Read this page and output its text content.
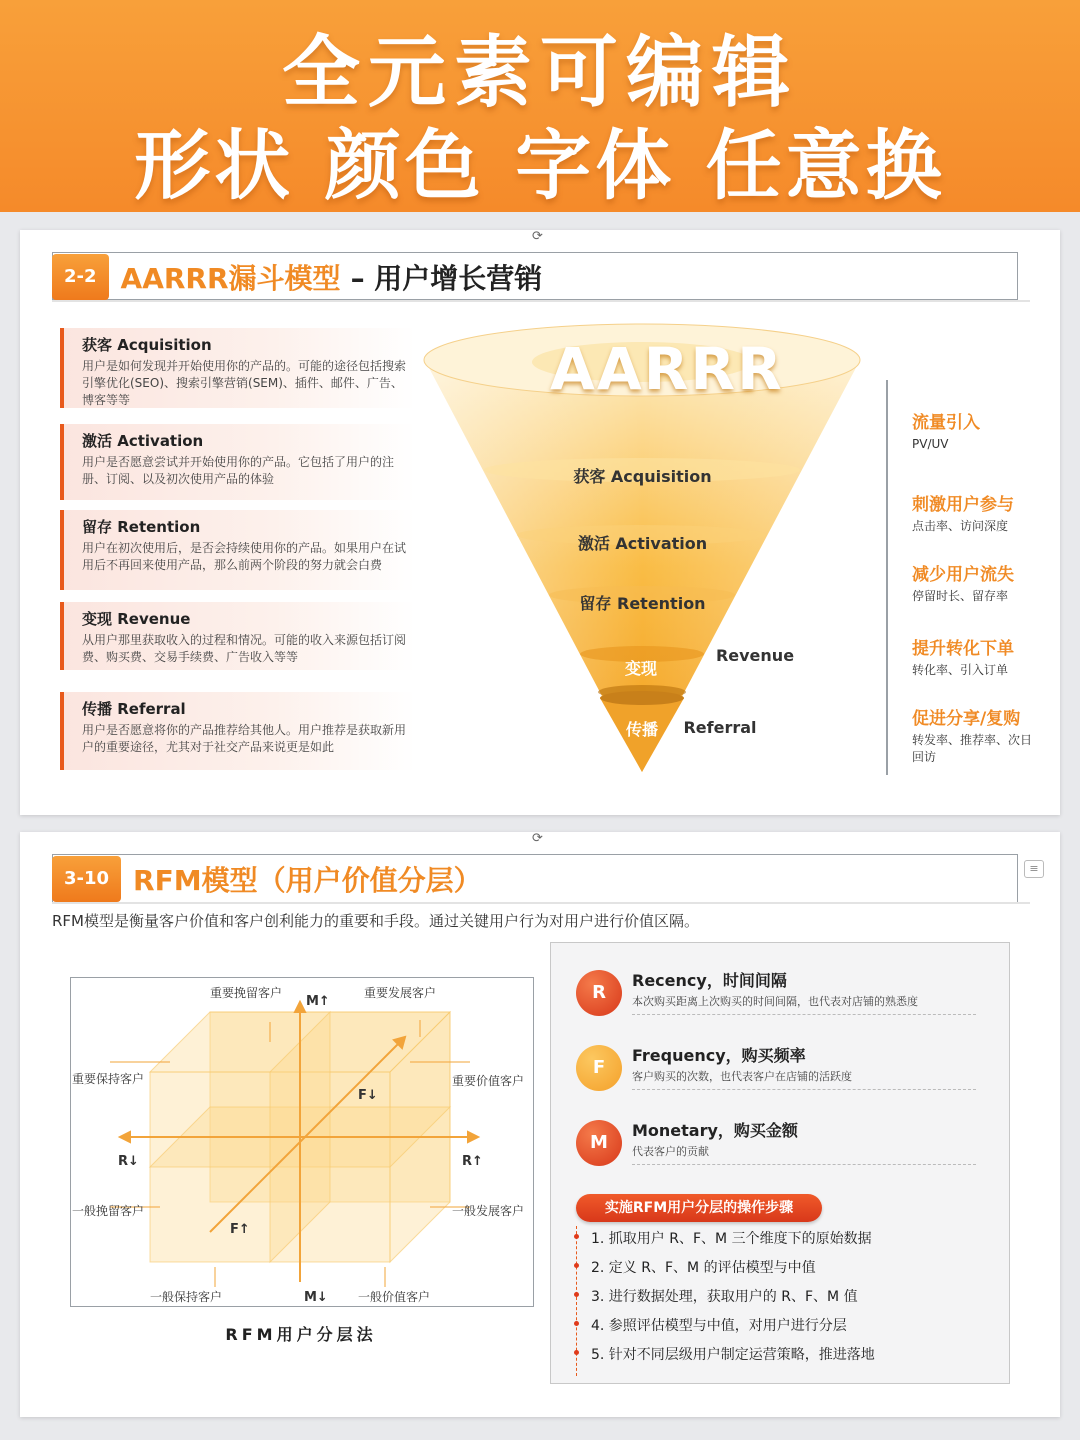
全元素可编辑
形状 颜色 字体 任意换
2-2 AARRR漏斗模型 – 用户增长营销
⟳
获客 Acquisition
用户是如何发现并开始使用你的产品的。可能的途径包括搜索引擎优化(SEO)、搜索引擎营销(SEM)、插件、邮件、广告、博客等等
激活 Activation
用户是否愿意尝试并开始使用你的产品。它包括了用户的注册、订阅、以及初次使用产品的体验
留存 Retention
用户在初次使用后，是否会持续使用你的产品。如果用户在试用后不再回来使用产品，那么前两个阶段的努力就会白费
变现 Revenue
从用户那里获取收入的过程和情况。可能的收入来源包括订阅费、购买费、交易手续费、广告收入等等
传播 Referral
用户是否愿意将你的产品推荐给其他人。用户推荐是获取新用户的重要途径，尤其对于社交产品来说更是如此
AARRR
获客 Acquisition
激活 Activation
留存 Retention
变现
Revenue
传播	Referral
流量引入
PV/UV
刺激用户参与
点击率、访问深度
减少用户流失
停留时长、留存率
提升转化下单
转化率、引入订单
促进分享/复购
转发率、推荐率、次日回访
3-10 RFM模型（用户价值分层）
⟳
≡
RFM模型是衡量客户价值和客户创利能力的重要和手段。通过关键用户行为对用户进行价值区隔。
重要挽留客户	重要发展客户
M↑
重要保持客户	重要价值客户
F↓
R↓	R↑
一般挽留客户	一般发展客户
F↑
一般保持客户	M↓	一般价值客户
RFM用户分层法
R
Recency，时间间隔
本次购买距离上次购买的时间间隔，也代表对店铺的熟悉度
F
Frequency，购买频率
客户购买的次数，也代表客户在店铺的活跃度
M
Monetary，购买金额
代表客户的贡献
实施RFM用户分层的操作步骤
1. 抓取用户 R、F、M 三个维度下的原始数据
2. 定义 R、F、M 的评估模型与中值
3. 进行数据处理，获取用户的 R、F、M 值
4. 参照评估模型与中值，对用户进行分层
5. 针对不同层级用户制定运营策略，推进落地
